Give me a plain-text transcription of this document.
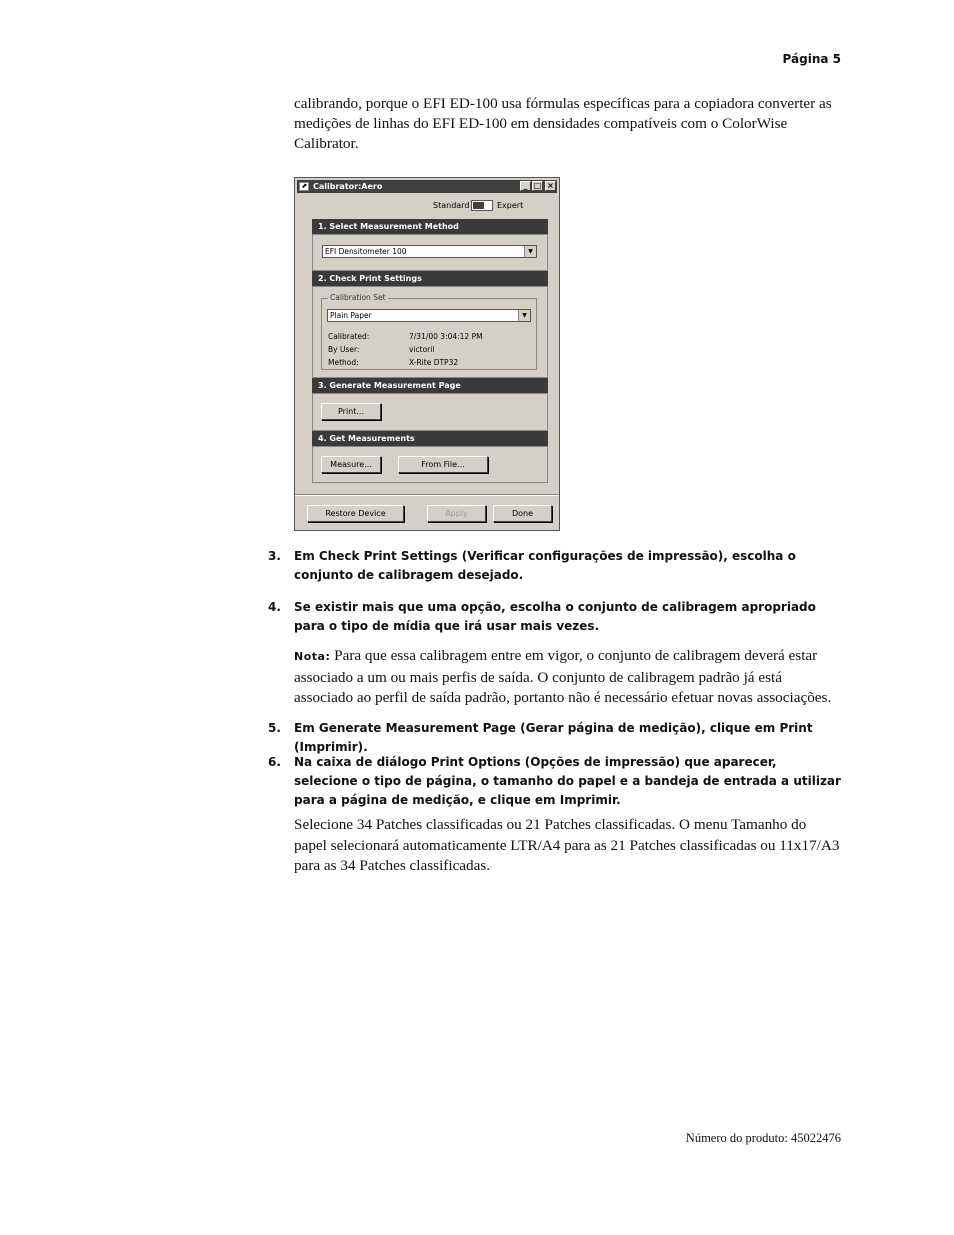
Página 5

calibrando, porque o EFI ED-100 usa fórmulas específicas para a copiadora converter as medições de linhas do EFI ED-100 em densidades compatíveis com o ColorWise Calibrator.

⬈ Calibrator:Aero	_ □ ×
Standard	Expert
1. Select Measurement Method
EFI Densitometer 100	▼
2. Check Print Settings
Calibration Set
Plain Paper	▼
Calibrated:	7/31/00 3:04:12 PM
By User:	victoril
Method:	X-Rite DTP32
3. Generate Measurement Page
Print...
4. Get Measurements
Measure...	From File...
Restore Device	Apply	Done
3. Em Check Print Settings (Verificar configurações de impressão), escolha o conjunto de calibragem desejado.

4. Se existir mais que uma opção, escolha o conjunto de calibragem apropriado para o tipo de mídia que irá usar mais vezes.

Nota: Para que essa calibragem entre em vigor, o conjunto de calibragem deverá estar associado a um ou mais perfis de saída. O conjunto de calibragem padrão já está associado ao perfil de saída padrão, portanto não é necessário efetuar novas associações.

5. Em Generate Measurement Page (Gerar página de medição), clique em Print (Imprimir).

6. Na caixa de diálogo Print Options (Opções de impressão) que aparecer, selecione o tipo de página, o tamanho do papel e a bandeja de entrada a utilizar para a página de medição, e clique em Imprimir.

Selecione 34 Patches classificadas ou 21 Patches classificadas. O menu Tamanho do papel selecionará automaticamente LTR/A4 para as 21 Patches classificadas ou 11x17/A3 para as 34 Patches classificadas.

Número do produto: 45022476
